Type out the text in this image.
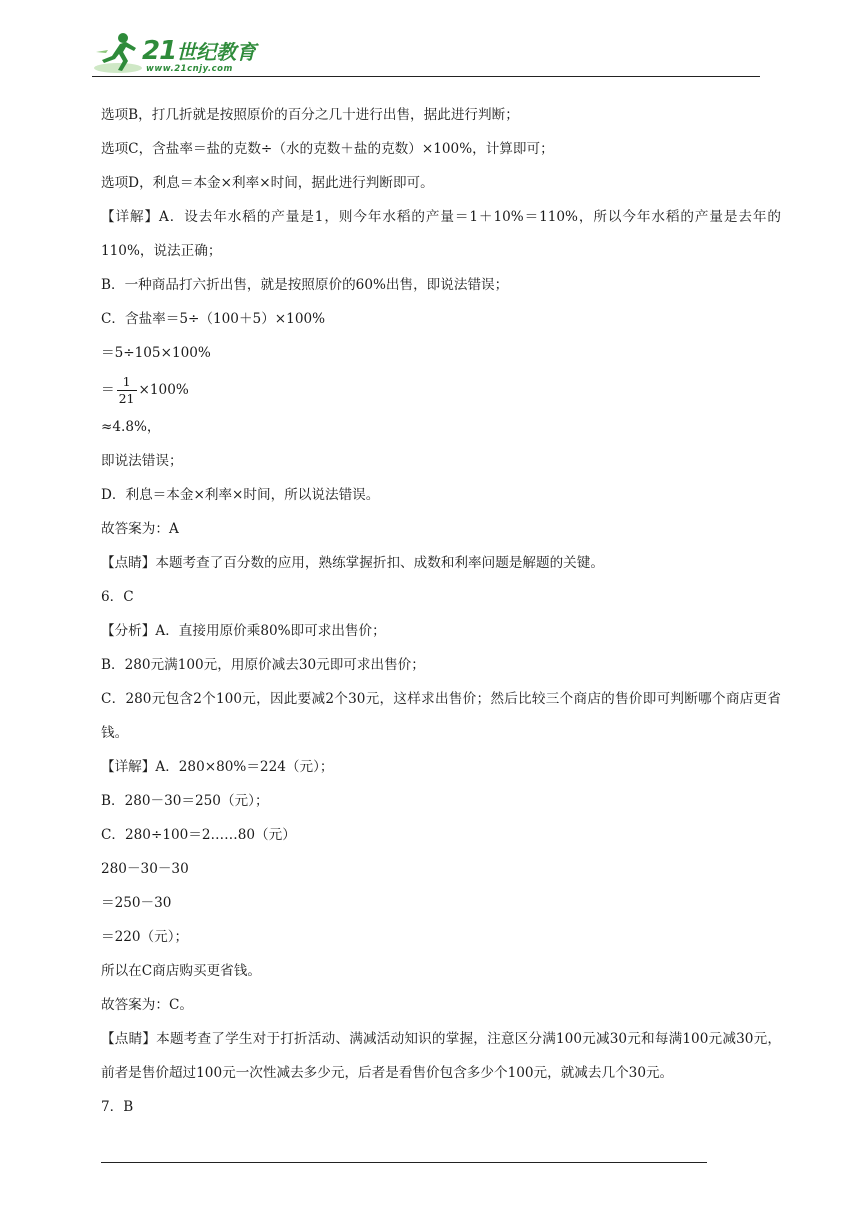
21世纪教育
www.21cnjy.com

选项B，打几折就是按照原价的百分之几十进行出售，据此进行判断；

选项C，含盐率＝盐的克数÷（水的克数＋盐的克数）×100%，计算即可；

选项D，利息＝本金×利率×时间，据此进行判断即可。

【详解】A．设去年水稻的产量是1，则今年水稻的产量＝1＋10%＝110%，所以今年水稻的产量是去年的110%，说法正确；

B．一种商品打六折出售，就是按照原价的60%出售，即说法错误；

C．含盐率＝5÷（100＋5）×100%

＝5÷105×100%

＝ $\frac{1}{21} \times 100\%$

≈4.8%，

即说法错误；

D．利息＝本金×利率×时间，所以说法错误。

故答案为：A

【点睛】本题考查了百分数的应用，熟练掌握折扣、成数和利率问题是解题的关键。

6．C

【分析】A．直接用原价乘80%即可求出售价；

B．280元满100元，用原价减去30元即可求出售价；

C．280元包含2个100元，因此要减2个30元，这样求出售价；然后比较三个商店的售价即可判断哪个商店更省钱。

【详解】A．280×80%＝224（元）；

B．280－30＝250（元）；

C．280÷100＝2……80（元）

280－30－30

＝250－30

＝220（元）；

所以在C商店购买更省钱。

故答案为：C。

【点睛】本题考查了学生对于打折活动、满减活动知识的掌握，注意区分满100元减30元和每满100元减30元，前者是售价超过100元一次性减去多少元，后者是看售价包含多少个100元，就减去几个30元。

7．B
